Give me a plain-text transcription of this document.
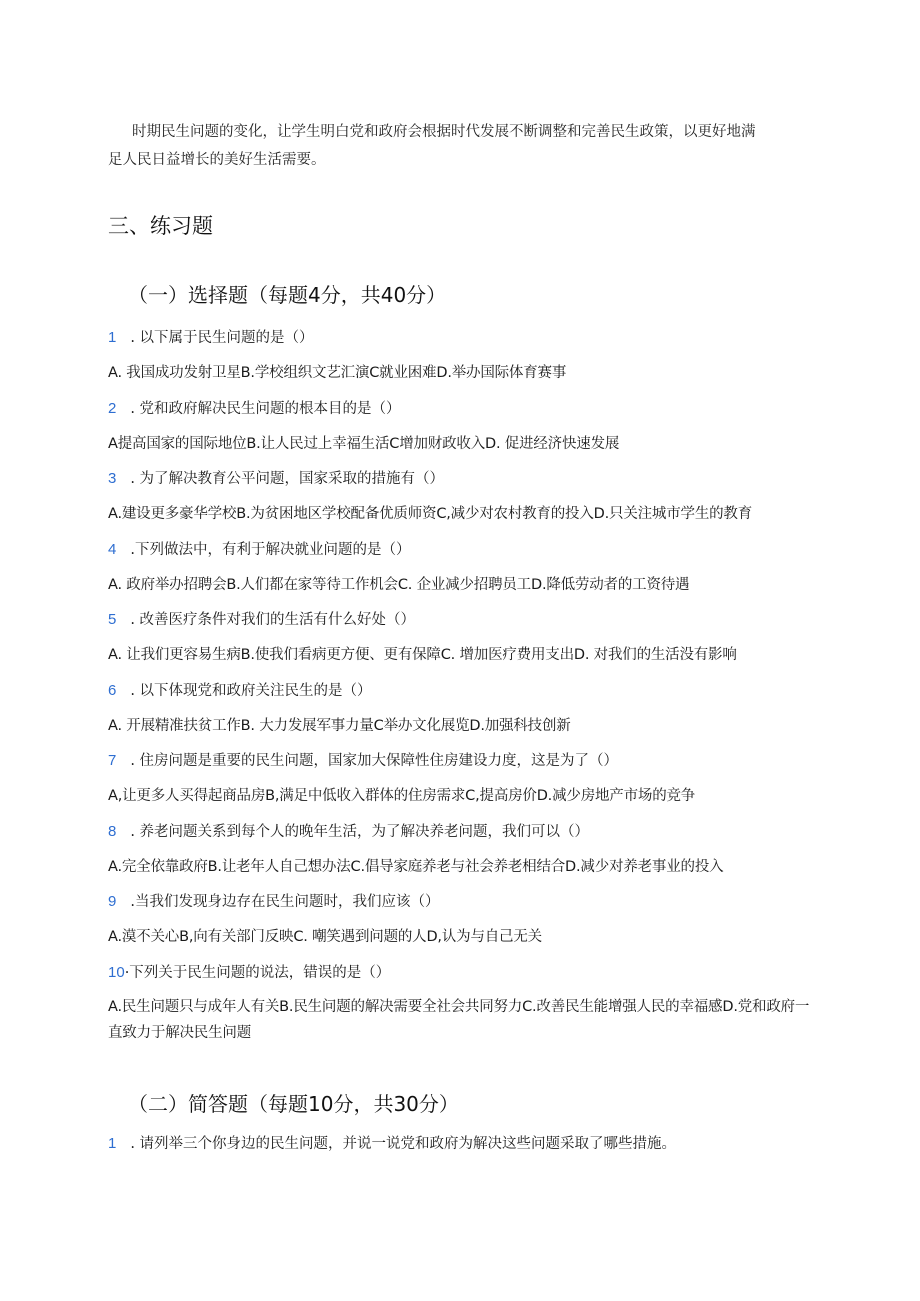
时期民生问题的变化，让学生明白党和政府会根据时代发展不断调整和完善民生政策，以更好地满

足人民日益增长的美好生活需要。
三、练习题
（一）选择题（每题4分，共40分）
1 . 以下属于民生问题的是（）
A. 我国成功发射卫星B.学校组织文艺汇演C就业困难D.举办国际体育赛事
2 . 党和政府解决民生问题的根本目的是（）
A提高国家的国际地位B.让人民过上幸福生活C增加财政收入D. 促进经济快速发展
3 . 为了解决教育公平问题，国家采取的措施有（）
A.建设更多豪华学校B.为贫困地区学校配备优质师资C,减少对农村教育的投入D.只关注城市学生的教育
4 .下列做法中，有利于解决就业问题的是（）
A. 政府举办招聘会B.人们都在家等待工作机会C. 企业减少招聘员工D.降低劳动者的工资待遇
5 . 改善医疗条件对我们的生活有什么好处（）
A. 让我们更容易生病B.使我们看病更方便、更有保障C. 增加医疗费用支出D. 对我们的生活没有影响
6 . 以下体现党和政府关注民生的是（）
A. 开展精准扶贫工作B. 大力发展军事力量C举办文化展览D.加强科技创新
7 . 住房问题是重要的民生问题，国家加大保障性住房建设力度，这是为了（）
A,让更多人买得起商品房B,满足中低收入群体的住房需求C,提高房价D.减少房地产市场的竞争
8 . 养老问题关系到每个人的晚年生活，为了解决养老问题，我们可以（）
A.完全依靠政府B.让老年人自己想办法C.倡导家庭养老与社会养老相结合D.减少对养老事业的投入
9 .当我们发现身边存在民生问题时，我们应该（）
A.漠不关心B,向有关部门反映C. 嘲笑遇到问题的人D,认为与自己无关
10·下列关于民生问题的说法，错误的是（）
A.民生问题只与成年人有关B.民生问题的解决需要全社会共同努力C.改善民生能增强人民的幸福感D.党和政府一直致力于解决民生问题
（二）简答题（每题10分，共30分）
1 . 请列举三个你身边的民生问题，并说一说党和政府为解决这些问题采取了哪些措施。
